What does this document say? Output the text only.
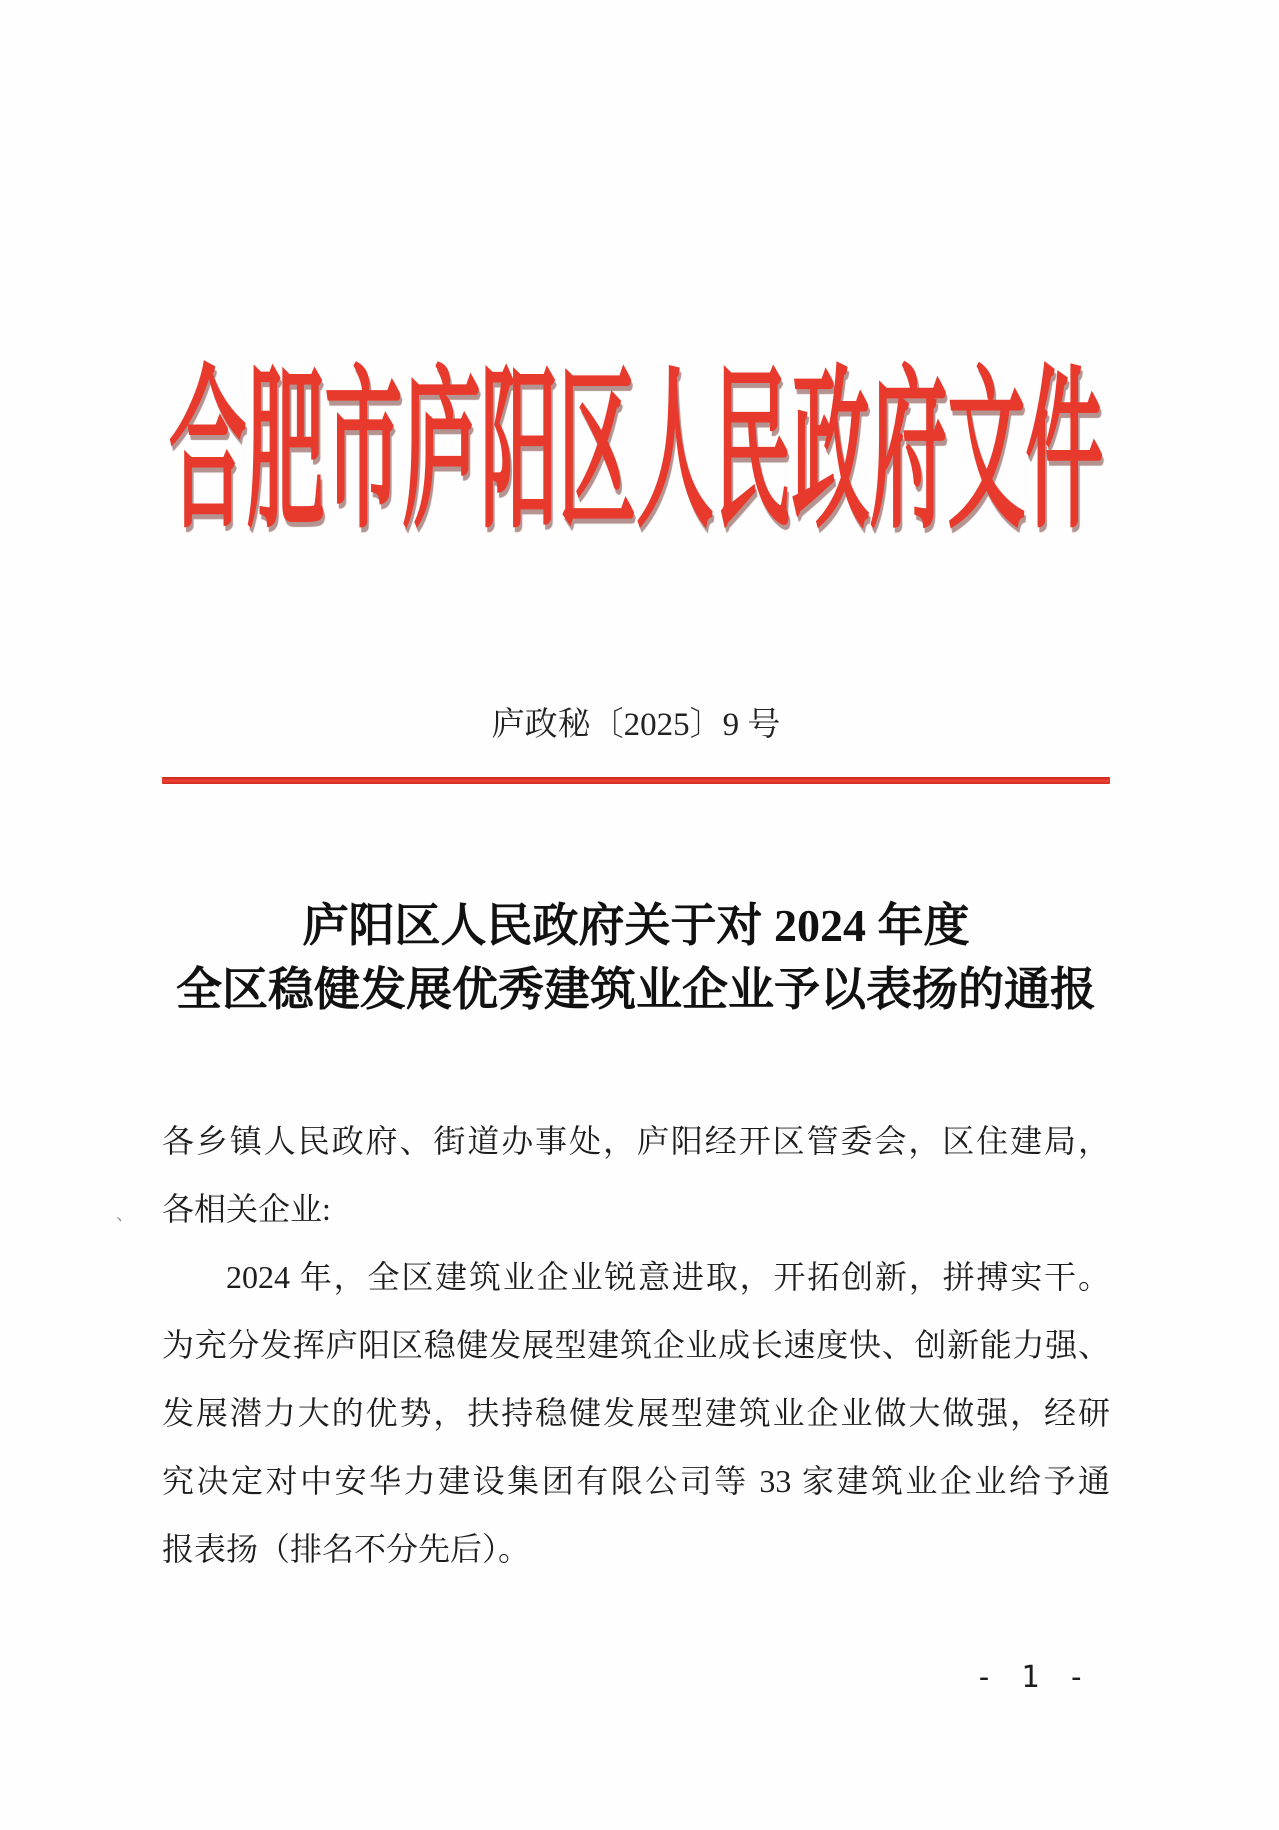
合肥市庐阳区人民政府文件
庐政秘〔2025〕9 号
庐阳区人民政府关于对 2024 年度
全区稳健发展优秀建筑业企业予以表扬的通报
各乡镇人民政府、街道办事处，庐阳经开区管委会，区住建局，
各相关企业:
2024 年，全区建筑业企业锐意进取，开拓创新，拼搏实干。
为充分发挥庐阳区稳健发展型建筑企业成长速度快、创新能力强、
发展潜力大的优势，扶持稳健发展型建筑业企业做大做强，经研
究决定对中安华力建设集团有限公司等 33 家建筑业企业给予通
报表扬（排名不分先后）。
- 1 -
、
